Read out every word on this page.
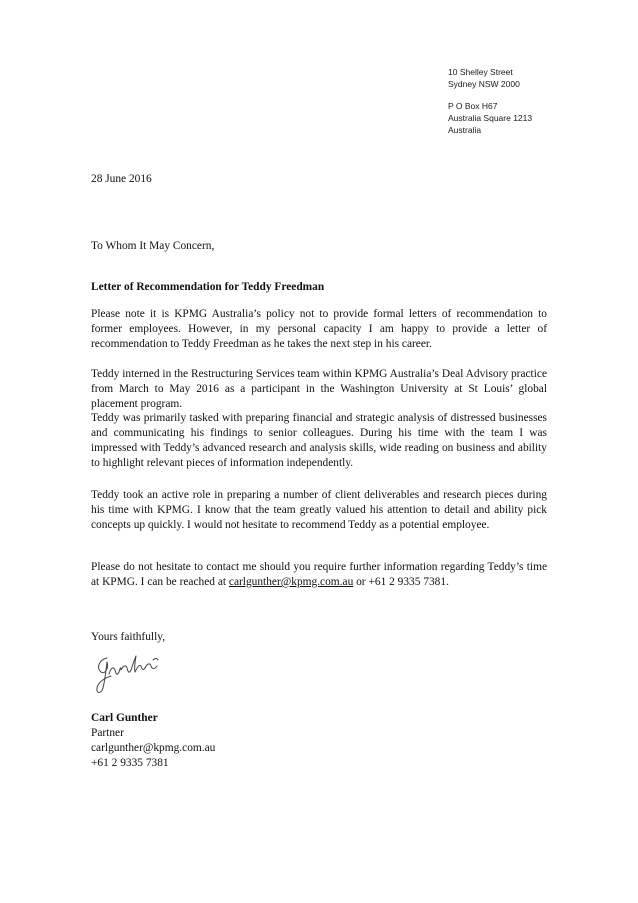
10 Shelley Street
Sydney NSW 2000
P O Box H67
Australia Square 1213
Australia
28 June 2016
To Whom It May Concern,
Letter of Recommendation for Teddy Freedman

Please note it is KPMG Australia’s policy not to provide formal letters of recommendation to former employees. However, in my personal capacity I am happy to provide a letter of recommendation to Teddy Freedman as he takes the next step in his career.

Teddy interned in the Restructuring Services team within KPMG Australia’s Deal Advisory practice from March to May 2016 as a participant in the Washington University at St Louis’ global placement program.

Teddy was primarily tasked with preparing financial and strategic analysis of distressed businesses and communicating his findings to senior colleagues. During his time with the team I was impressed with Teddy’s advanced research and analysis skills, wide reading on business and ability to highlight relevant pieces of information independently.

Teddy took an active role in preparing a number of client deliverables and research pieces during his time with KPMG. I know that the team greatly valued his attention to detail and ability pick concepts up quickly. I would not hesitate to recommend Teddy as a potential employee.

Please do not hesitate to contact me should you require further information regarding Teddy’s time at KPMG. I can be reached at carlgunther@kpmg.com.au or +61 2 9335 7381.

Yours faithfully,
Carl Gunther
Partner
carlgunther@kpmg.com.au
+61 2 9335 7381
